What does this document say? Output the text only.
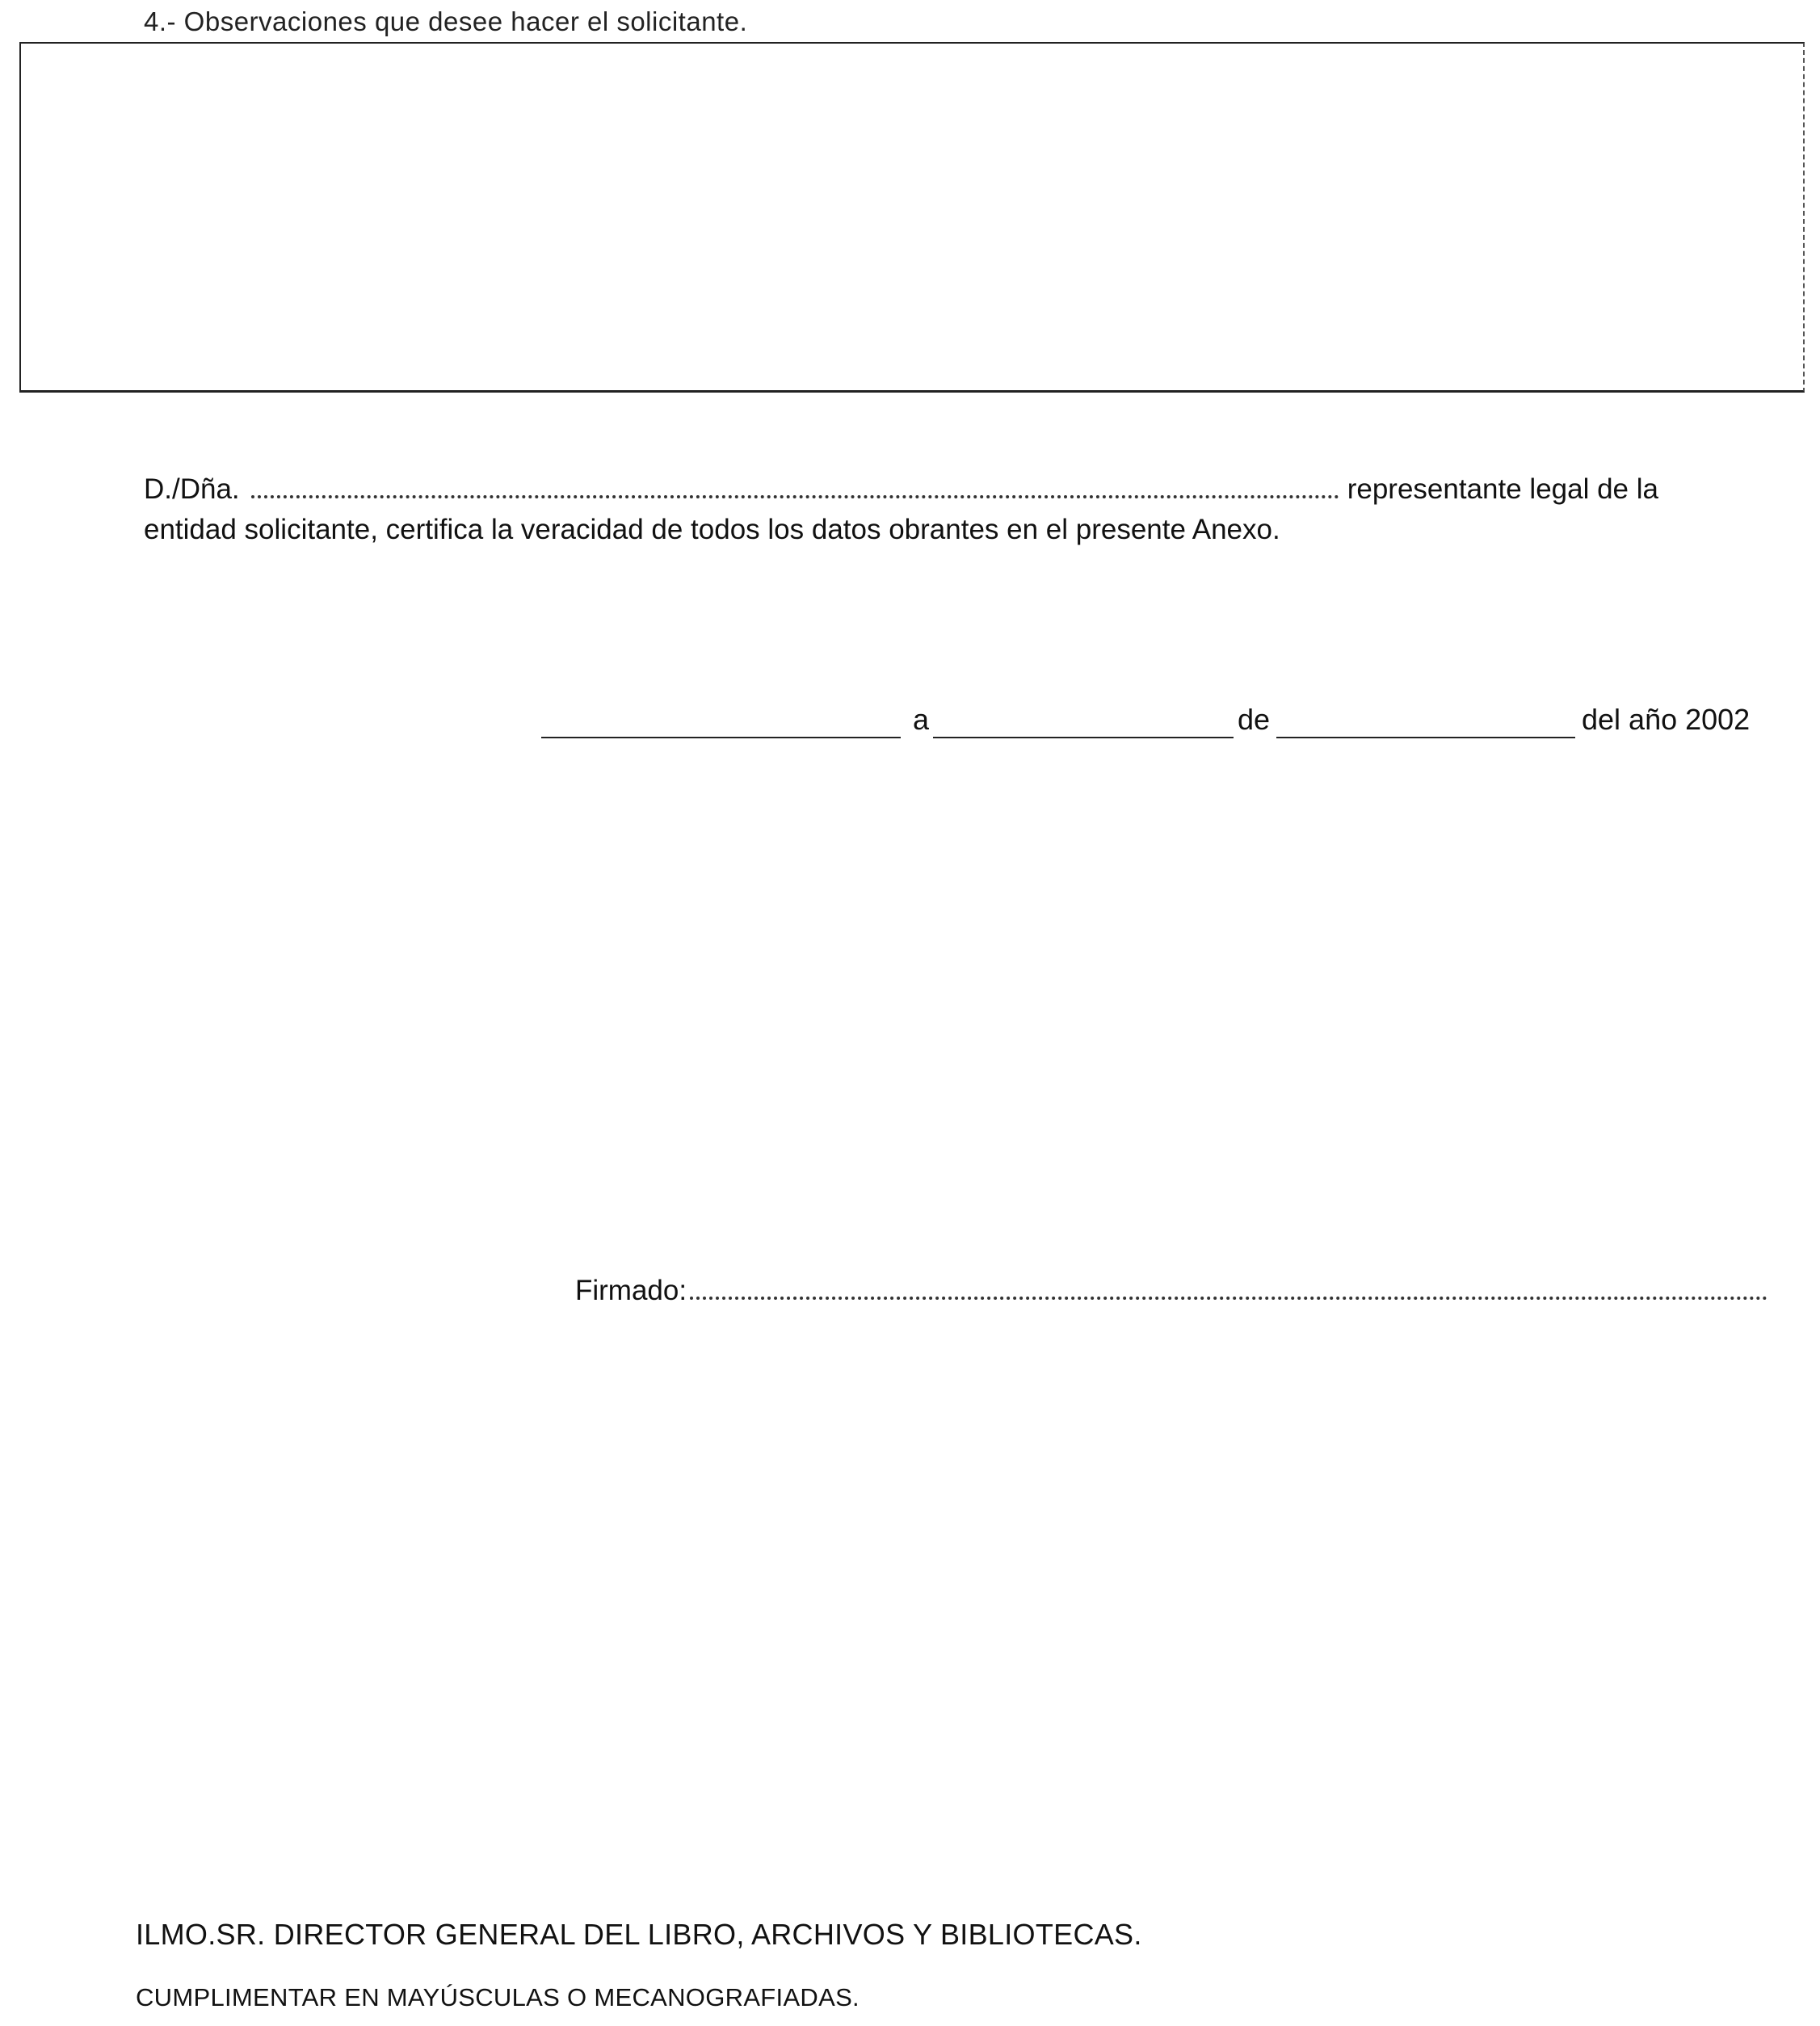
4.- Observaciones que desee hacer el solicitante.
D./Dña.	representante legal de la
entidad solicitante, certifica la veracidad de todos los datos obrantes en el presente Anexo.
a	de	del año 2002
Firmado:
ILMO.SR. DIRECTOR GENERAL DEL LIBRO, ARCHIVOS Y BIBLIOTECAS.
CUMPLIMENTAR EN MAYÚSCULAS O MECANOGRAFIADAS.
